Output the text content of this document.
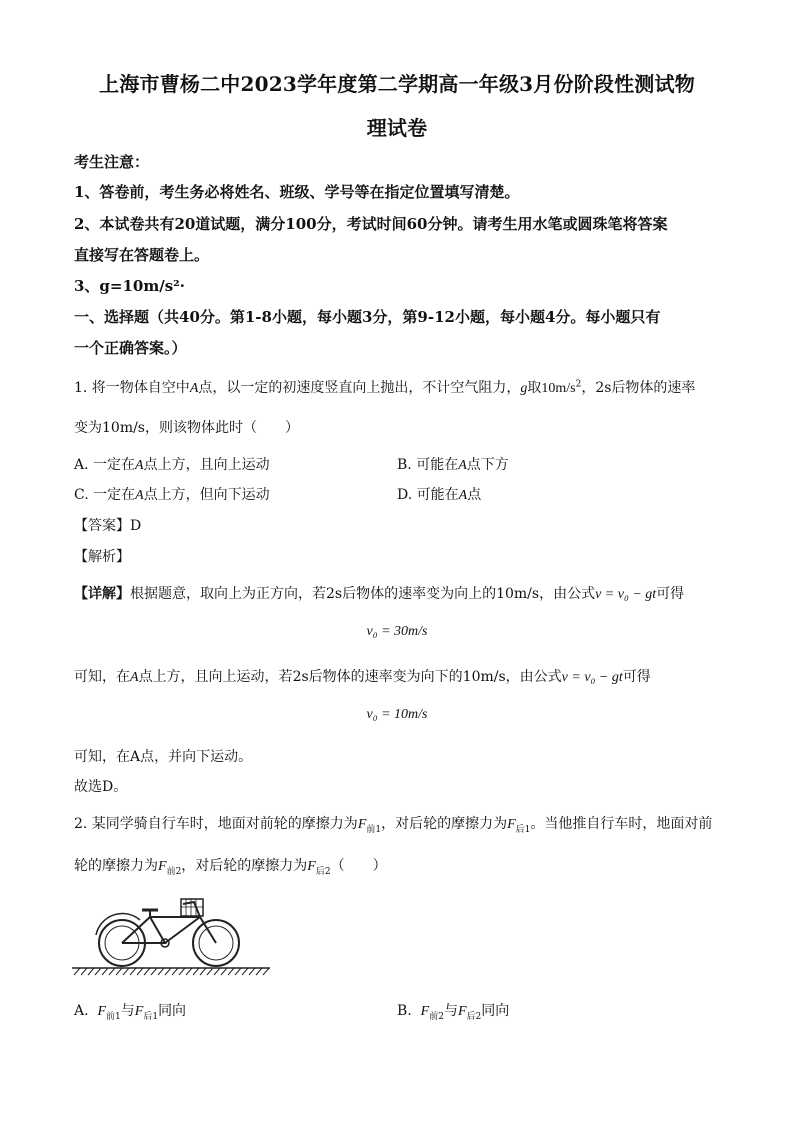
上海市曹杨二中2023学年度第二学期高一年级3月份阶段性测试物
理试卷
考生注意：
1、答卷前，考生务必将姓名、班级、学号等在指定位置填写清楚。
2、本试卷共有20道试题，满分100分，考试时间60分钟。请考生用水笔或圆珠笔将答案
直接写在答题卷上。
3、g=10m/s²·
一、选择题（共40分。第1-8小题，每小题3分，第9-12小题，每小题4分。每小题只有
一个正确答案。）
1. 将一物体自空中A点，以一定的初速度竖直向上抛出，不计空气阻力，g取$10m/s^2$，2s后物体的速率
变为10m/s，则该物体此时（　　）
A. 一定在A点上方，且向上运动	B. 可能在A点下方
C. 一定在A点上方，但向下运动	D. 可能在A点
【答案】D
【解析】
【详解】根据题意，取向上为正方向，若2s后物体的速率变为向上的10m/s，由公式v = v₀ − gt可得
v₀ = 30m/s
可知，在A点上方，且向上运动，若2s后物体的速率变为向下的10m/s，由公式v = v₀ − gt可得
v₀ = 10m/s
可知，在A点，并向下运动。
故选D。
2. 某同学骑自行车时，地面对前轮的摩擦力为$F_{前1}$，对后轮的摩擦力为$F_{后1}$。当他推自行车时，地面对前
轮的摩擦力为$F_{前2}$，对后轮的摩擦力为$F_{后2}$（　　）
A. $F_{前1}$与$F_{后1}$同向	B. $F_{前2}$与$F_{后2}$同向
